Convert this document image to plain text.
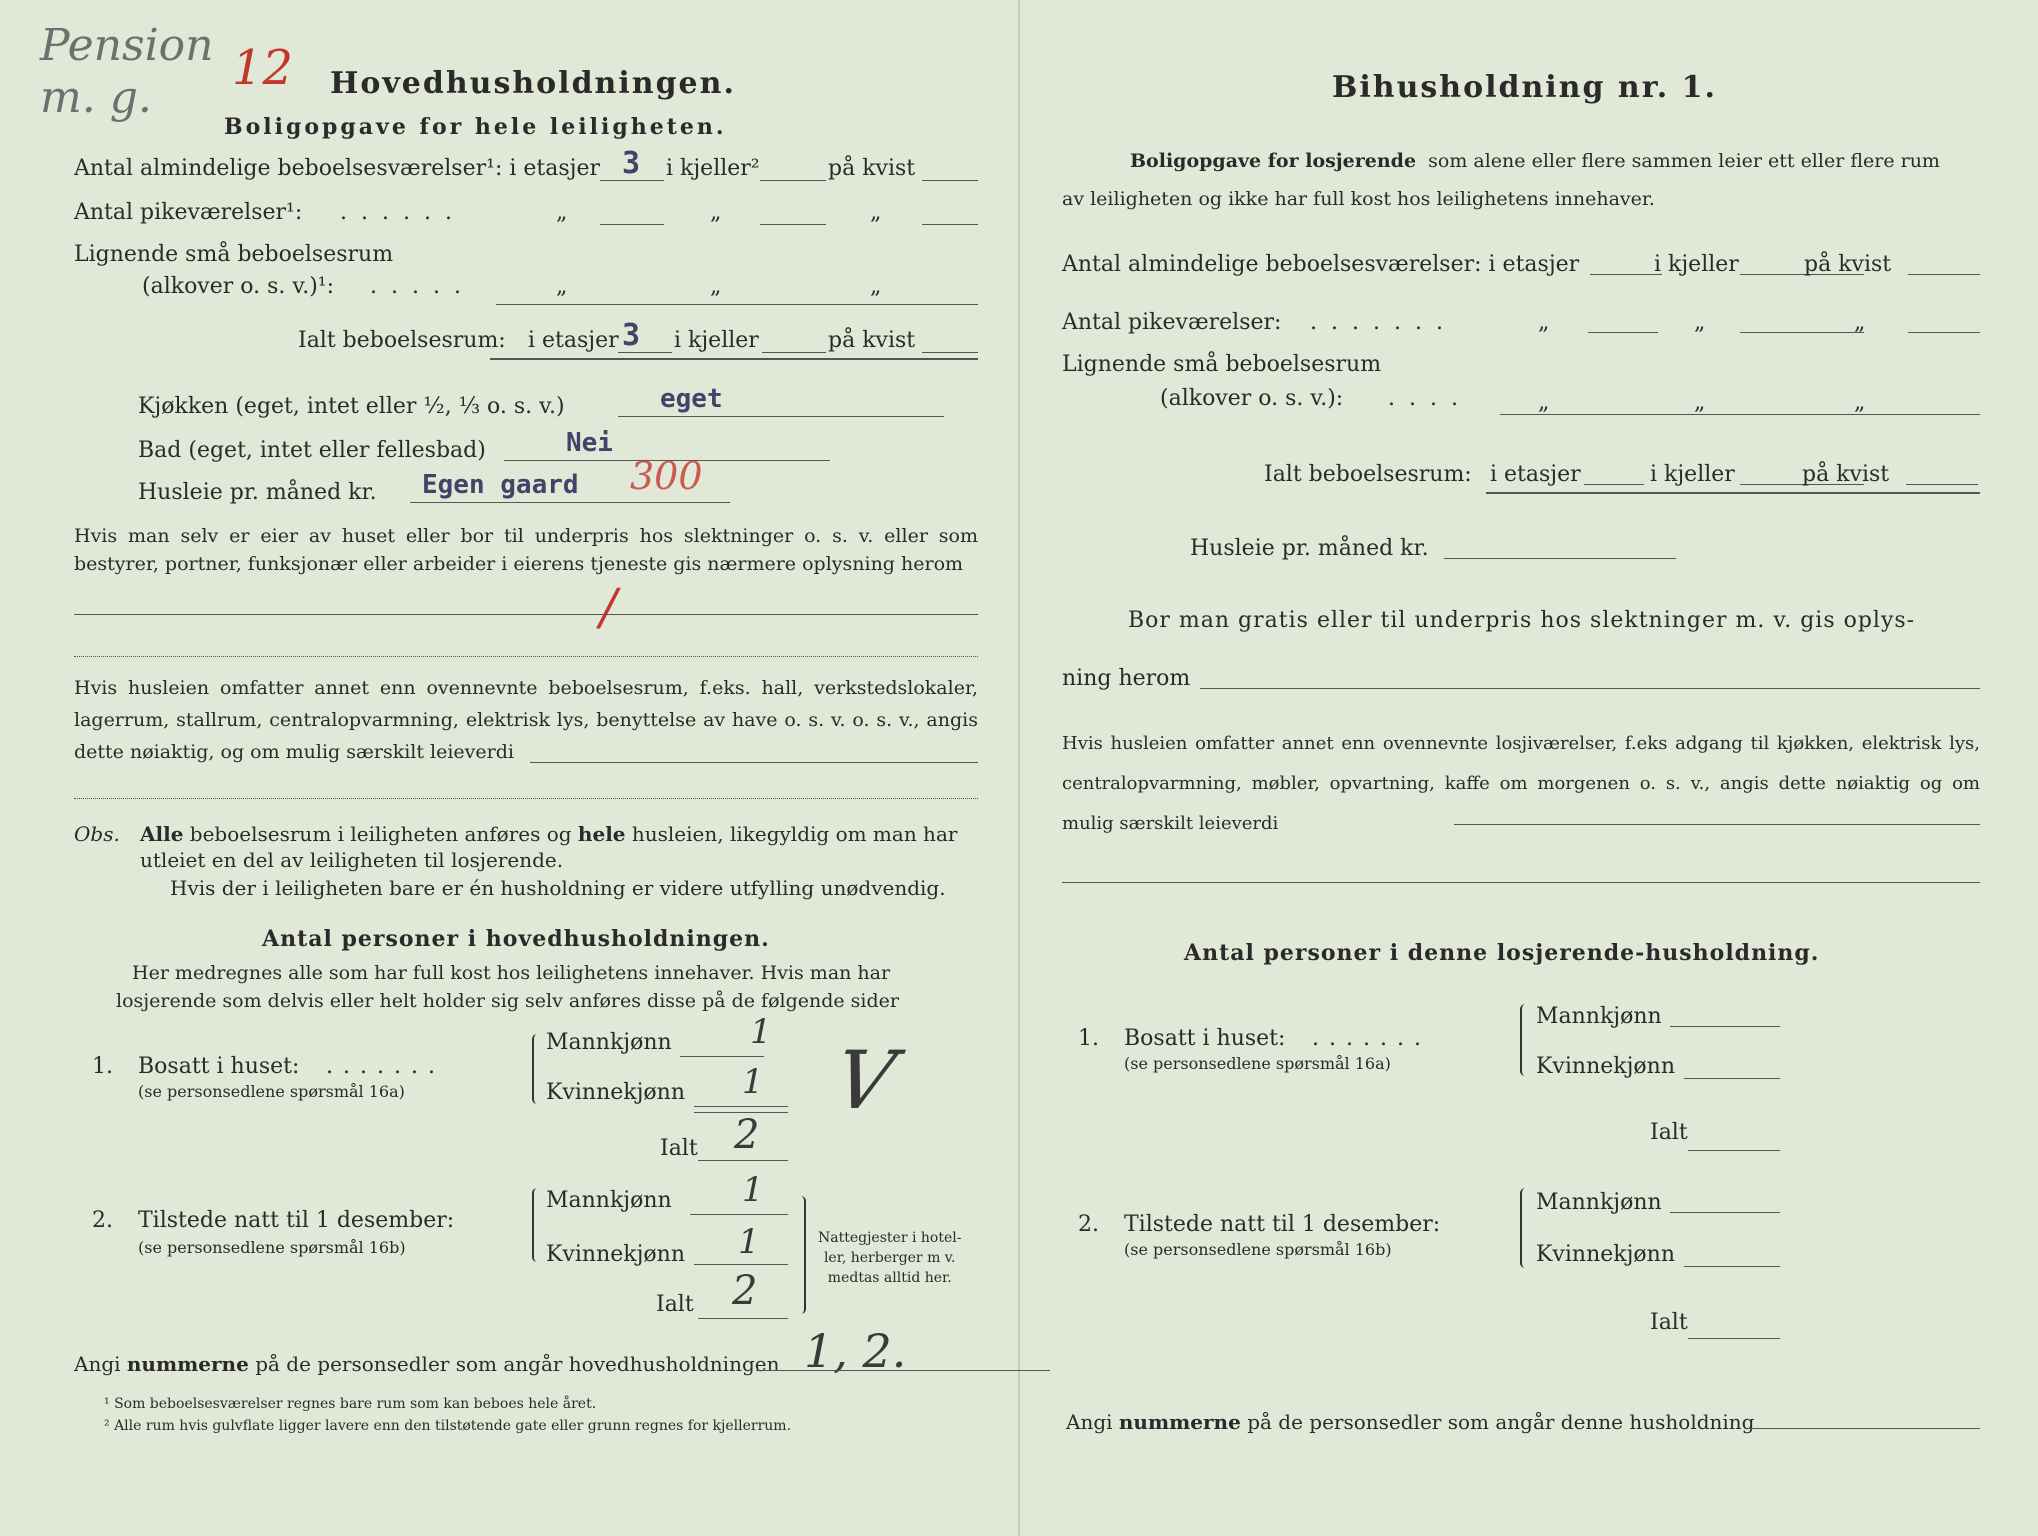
Pension
m. g.
12 Hovedhusholdningen.
Boligopgave for hele leiligheten.
Antal almindelige beboelsesværelser¹: i etasjer 3 i kjeller²	på kvist
Antal pikeværelser¹: ......	„	„	„
Lignende små beboelsesrum
(alkover o. s. v.)¹: .....	„	„	„
Ialt beboelsesrum: i etasjer 3 i kjeller	på kvist
Kjøkken (eget, intet eller ½, ⅓ o. s. v.)	eget
Bad (eget, intet eller fellesbad)	Nei
Husleie pr. måned kr. Egen gaard 300
Hvis man selv er eier av huset eller bor til underpris hos slektninger o. s. v. eller som bestyrer, portner, funksjonær eller arbeider i eierens tjeneste gis nærmere oplysning herom
/
Hvis husleien omfatter annet enn ovennevnte beboelsesrum, f.eks. hall, verkstedslokaler, lagerrum, stallrum, centralopvarmning, elektrisk lys, benyttelse av have o. s. v. o. s. v., angis dette nøiaktig, og om mulig særskilt leieverdi
Obs. Alle beboelsesrum i leiligheten anføres og hele husleien, likegyldig om man har
utleiet en del av leiligheten til losjerende.
Hvis der i leiligheten bare er én husholdning er videre utfylling unødvendig.
Antal personer i hovedhusholdningen.
Her medregnes alle som har full kost hos leilighetens innehaver. Hvis man har
losjerende som delvis eller helt holder sig selv anføres disse på de følgende sider
1. Bosatt i huset: .......
(se personsedlene spørsmål 16a)
Mannkjønn 1
Kvinnekjønn 1
Ialt 2
V
2. Tilstede natt til 1 desember:
(se personsedlene spørsmål 16b)
Mannkjønn 1
Kvinnekjønn 1
Ialt 2
Nattegjester i hotel-
ler, herberger m v.
medtas alltid her.
Angi nummerne på de personsedler som angår hovedhusholdningen 1, 2.
¹ Som beboelsesværelser regnes bare rum som kan beboes hele året.
² Alle rum hvis gulvflate ligger lavere enn den tilstøtende gate eller grunn regnes for kjellerrum.
Bihusholdning nr. 1.
Boligopgave for losjerende som alene eller flere sammen leier ett eller flere rum
av leiligheten og ikke har full kost hos leilighetens innehaver.
Antal almindelige beboelsesværelser: i etasjer	i kjeller	på kvist
Antal pikeværelser: .......	„	„	„
Lignende små beboelsesrum
(alkover o. s. v.): ....	„	„	„
Ialt beboelsesrum: i etasjer	i kjeller	på kvist
Husleie pr. måned kr.
Bor man gratis eller til underpris hos slektninger m. v. gis oplys-
ning herom
Hvis husleien omfatter annet enn ovennevnte losjiværelser, f.eks adgang til kjøkken, elektrisk lys, centralopvarmning, møbler, opvartning, kaffe om morgenen o. s. v., angis dette nøiaktig og om mulig særskilt leieverdi
Antal personer i denne losjerende-husholdning.
1. Bosatt i huset: .......
(se personsedlene spørsmål 16a)
Mannkjønn
Kvinnekjønn
Ialt
2. Tilstede natt til 1 desember:
(se personsedlene spørsmål 16b)
Mannkjønn
Kvinnekjønn
Ialt
Angi nummerne på de personsedler som angår denne husholdning
